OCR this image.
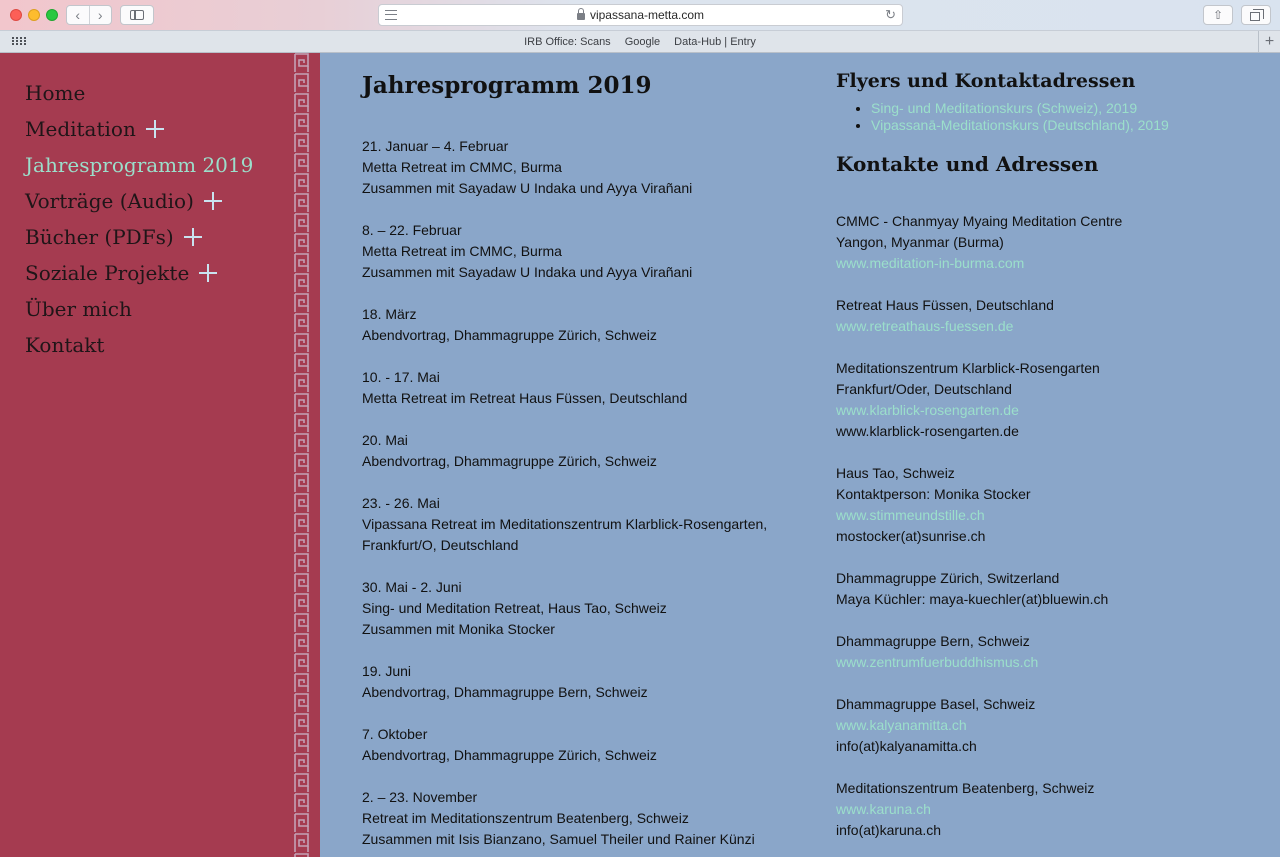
‹	›	vipassana-metta.com	↻	⇧
IRB Office: Scans	Google	Data-Hub | Entry	+
Home
Meditation
Jahresprogramm 2019
Vorträge (Audio)
Bücher (PDFs)
Soziale Projekte
Über mich
Kontakt
Jahresprogramm 2019
21. Januar – 4. Februar
Metta Retreat im CMMC, Burma
Zusammen mit Sayadaw U Indaka und Ayya Virañani
8. – 22. Februar
Metta Retreat im CMMC, Burma
Zusammen mit Sayadaw U Indaka und Ayya Virañani
18. März
Abendvortrag, Dhammagruppe Zürich, Schweiz
10. - 17. Mai
Metta Retreat im Retreat Haus Füssen, Deutschland
20. Mai
Abendvortrag, Dhammagruppe Zürich, Schweiz
23. - 26. Mai
Vipassana Retreat im Meditationszentrum Klarblick-Rosengarten,
Frankfurt/O, Deutschland
30. Mai - 2. Juni
Sing- und Meditation Retreat, Haus Tao, Schweiz
Zusammen mit Monika Stocker
19. Juni
Abendvortrag, Dhammagruppe Bern, Schweiz
7. Oktober
Abendvortrag, Dhammagruppe Zürich, Schweiz
2. – 23. November
Retreat im Meditationszentrum Beatenberg, Schweiz
Zusammen mit Isis Bianzano, Samuel Theiler und Rainer Künzi
Flyers und Kontaktadressen
• Sing- und Meditationskurs (Schweiz), 2019
• Vipassanā-Meditationskurs (Deutschland), 2019
Kontakte und Adressen
CMMC - Chanmyay Myaing Meditation Centre
Yangon, Myanmar (Burma)
www.meditation-in-burma.com
Retreat Haus Füssen, Deutschland
www.retreathaus-fuessen.de
Meditationszentrum Klarblick-Rosengarten
Frankfurt/Oder, Deutschland
www.klarblick-rosengarten.de
www.klarblick-rosengarten.de
Haus Tao, Schweiz
Kontaktperson: Monika Stocker
www.stimmeundstille.ch
mostocker(at)sunrise.ch
Dhammagruppe Zürich, Switzerland
Maya Küchler: maya-kuechler(at)bluewin.ch
Dhammagruppe Bern, Schweiz
www.zentrumfuerbuddhismus.ch
Dhammagruppe Basel, Schweiz
www.kalyanamitta.ch
info(at)kalyanamitta.ch
Meditationszentrum Beatenberg, Schweiz
www.karuna.ch
info(at)karuna.ch
